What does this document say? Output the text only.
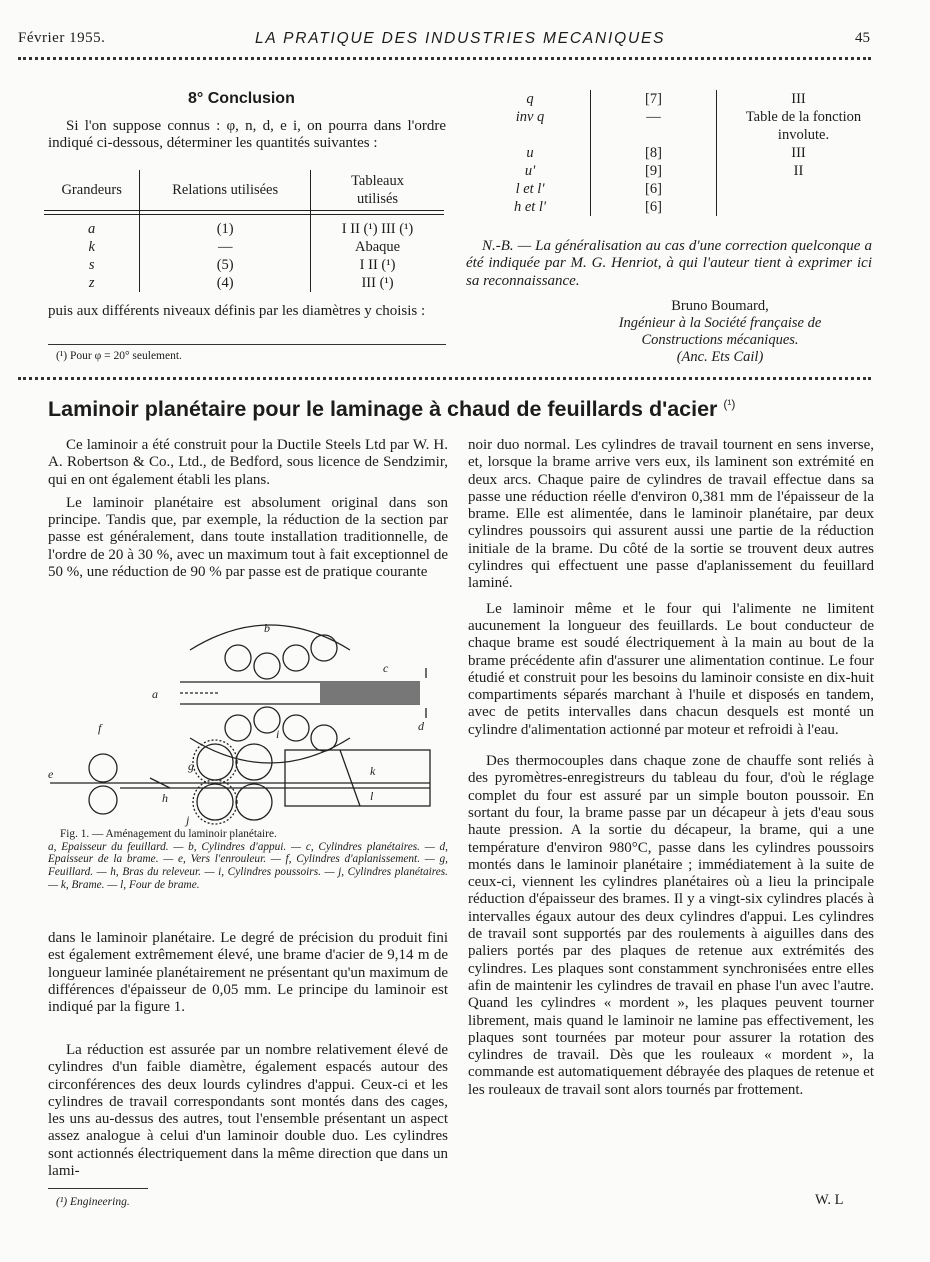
Février 1955.	LA PRATIQUE DES INDUSTRIES MECANIQUES	45
8° Conclusion

Si l'on suppose connus : φ, n, d, e i, on pourra dans l'ordre indiqué ci-dessous, déterminer les quantités suivantes :

Grandeurs	Relations utilisées	Tableaux utilisés

a	(1)	I II (¹) III (¹)
k	—	Abaque
s	(5)	I II (¹)
z	(4)	III (¹)

puis aux différents niveaux définis par les diamètres y choisis :

(¹) Pour φ = 20° seulement.
q	[7]	III
inv q	—	Table de la fonction involute.
u	[8]	III
u'	[9]	II
l et l'	[6]	
h et l'	[6]	

N.-B. — La généralisation au cas d'une correction quelconque a été indiquée par M. G. Henriot, à qui l'auteur tient à exprimer ici sa reconnaissance.

Bruno Boumard,
Ingénieur à la Société française de
Constructions mécaniques.
(Anc. Ets Cail)
Laminoir planétaire pour le laminage à chaud de feuillards d'acier $^{(^1)}$

Ce laminoir a été construit pour la Ductile Steels Ltd par W. H. A. Robertson & Co., Ltd., de Bedford, sous licence de Sendzimir, qui en ont également établi les plans.

Le laminoir planétaire est absolument original dans son principe. Tandis que, par exemple, la réduction de la section par passe est généralement, dans toute installation traditionnelle, de l'ordre de 20 à 30 %, avec un maximum tout à fait exceptionnel de 50 %, une réduction de 90 % par passe est de pratique courante

b
a
c
d
f
e
g
h
i
j
k
l
Fig. 1. — Aménagement du laminoir planétaire.
a, Epaisseur du feuillard. — b, Cylindres d'appui. — c, Cylindres planétaires. — d, Epaisseur de la brame. — e, Vers l'enrouleur. — f, Cylindres d'aplanissement. — g, Feuillard. — h, Bras du releveur. — i, Cylindres poussoirs. — j, Cylindres planétaires. — k, Brame. — l, Four de brame.

dans le laminoir planétaire. Le degré de précision du produit fini est également extrêmement élevé, une brame d'acier de 9,14 m de longueur laminée planétairement ne présentant qu'un maximum de différences d'épaisseur de 0,05 mm. Le principe du laminoir est indiqué par la figure 1.

La réduction est assurée par un nombre relativement élevé de cylindres d'un faible diamètre, également espacés autour des circonférences des deux lourds cylindres d'appui. Ceux-ci et les cylindres de travail correspondants sont montés dans des cages, les uns au-dessus des autres, tout l'ensemble présentant un aspect assez analogue à celui d'un laminoir double duo. Les cylindres sont actionnés électriquement dans la même direction que dans un lami-

(¹) Engineering.

noir duo normal. Les cylindres de travail tournent en sens inverse, et, lorsque la brame arrive vers eux, ils laminent son extrémité en deux arcs. Chaque paire de cylindres de travail effectue dans sa passe une réduction réelle d'environ 0,381 mm de l'épaisseur de la brame. Elle est alimentée, dans le laminoir planétaire, par deux cylindres poussoirs qui assurent aussi une partie de la réduction initiale de la brame. Du côté de la sortie se trouvent deux autres cylindres qui effectuent une passe d'aplanissement du feuillard laminé.

Le laminoir même et le four qui l'alimente ne limitent aucunement la longueur des feuillards. Le bout conducteur de chaque brame est soudé électriquement à la main au bout de la brame précédente afin d'assurer une alimentation continue. Le four étudié et construit pour les besoins du laminoir consiste en dix-huit compartiments séparés marchant à l'huile et disposés en tandem, avec de petits intervalles dans chacun desquels est monté un cylindre d'alimentation actionné par moteur et refroidi à l'eau.

Des thermocouples dans chaque zone de chauffe sont reliés à des pyromètres-enregistreurs du tableau du four, d'où le réglage complet du four est assuré par un simple bouton poussoir. En sortant du four, la brame passe par un décapeur à jets d'eau sous haute pression. A la sortie du décapeur, la brame, qui a une température d'environ 980°C, passe dans les cylindres poussoirs montés dans le laminoir planétaire ; immédiatement à la suite de ceux-ci, viennent les cylindres planétaires où a lieu la principale réduction d'épaisseur des brames. Il y a vingt-six cylindres placés à intervalles égaux autour des deux cylindres d'appui. Les cylindres de travail sont supportés par des roulements à aiguilles dans des paliers portés par des plaques de retenue aux extrémités des cylindres. Les plaques sont constamment synchronisées entre elles afin de maintenir les cylindres de travail en phase l'un avec l'autre. Quand les cylindres « mordent », les plaques peuvent tourner librement, mais quand le laminoir ne lamine pas effectivement, les plaques sont tournées par moteur pour assurer la rotation des cylindres de travail. Dès que les rouleaux « mordent », la commande est automatiquement débrayée des plaques de retenue et les rouleaux de travail sont alors tournés par frottement.

W. L
